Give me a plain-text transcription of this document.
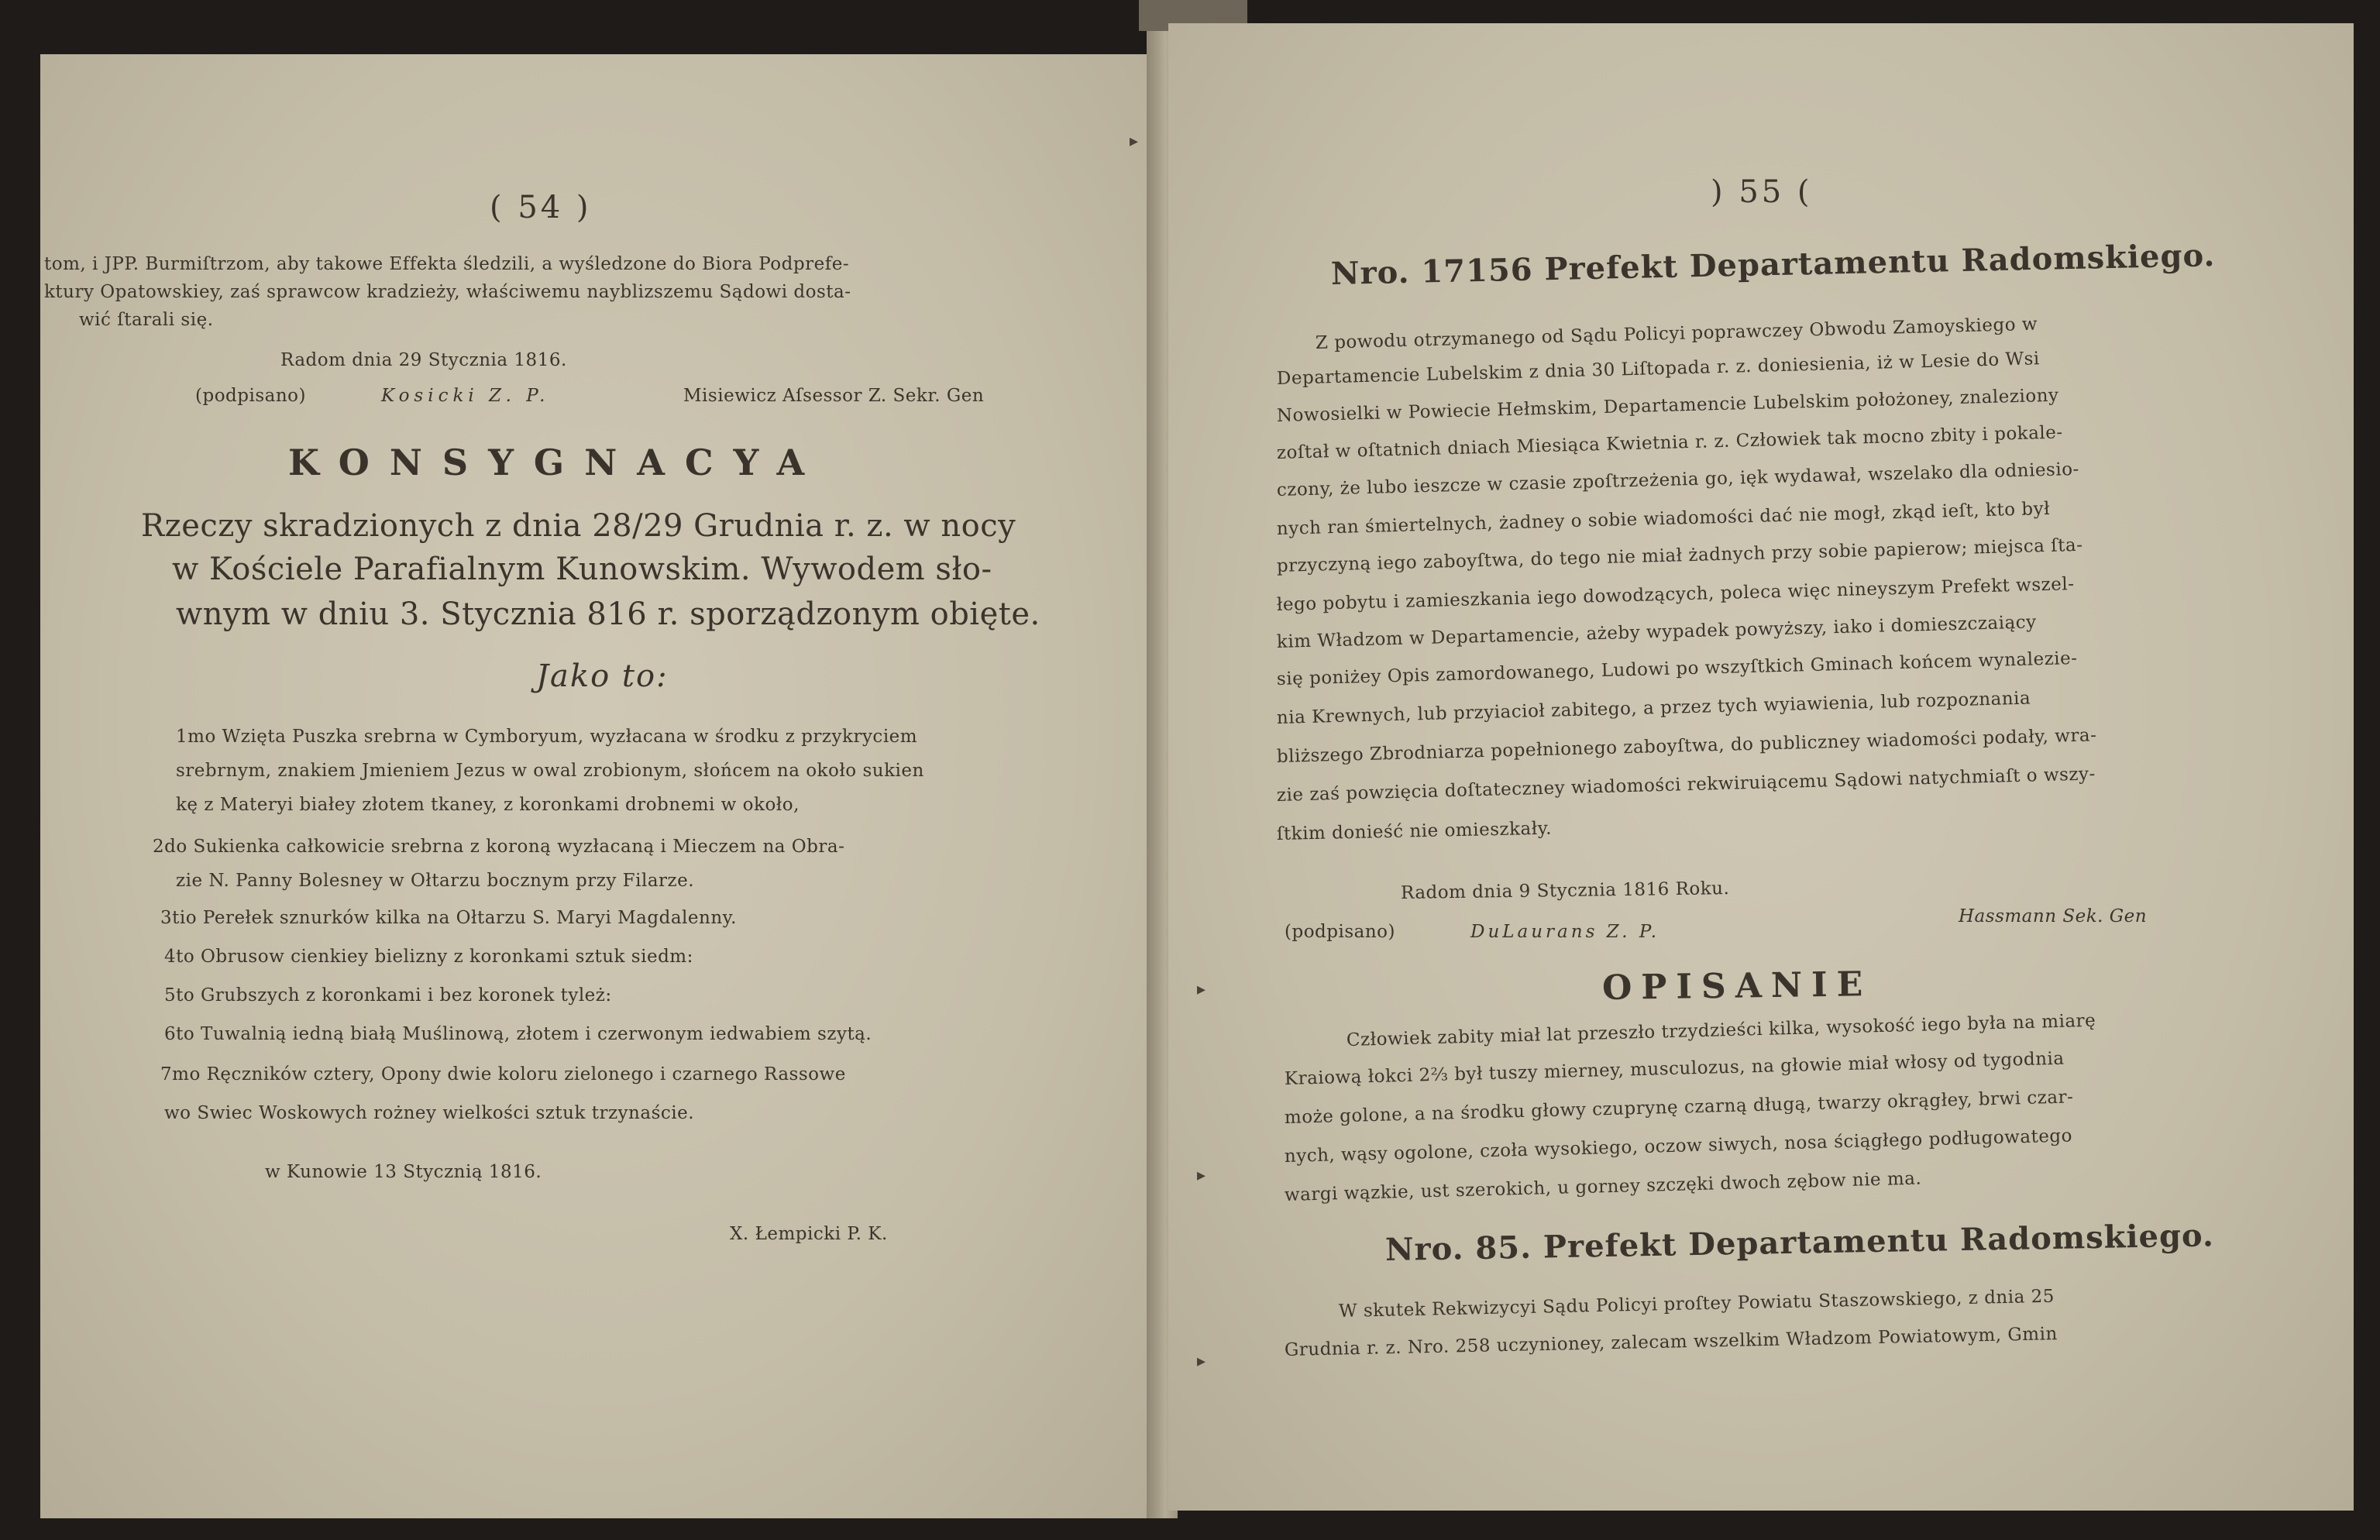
( 54 )
tom, i JPP. Burmiſtrzom, aby takowe Effekta śledzili, a wyśledzone do Biora Podprefe-
ktury Opatowskiey, zaś sprawcow kradzieży, właściwemu nayblizszemu Sądowi dosta-
wić ſtarali się.
Radom dnia 29 Stycznia 1816.
(podpisano)	Kosicki Z. P.	Misiewicz Aſsessor Z. Sekr. Gen
KONSYGNACYA
Rzeczy skradzionych z dnia 28/29 Grudnia r. z. w nocy
w Kościele Parafialnym Kunowskim. Wywodem sło-
wnym w dniu 3. Stycznia 816 r. sporządzonym obięte.
Jako to:
1mo Wzięta Puszka srebrna w Cymboryum, wyzłacana w środku z przykryciem
srebrnym, znakiem Jmieniem Jezus w owal zrobionym, słońcem na około sukien
kę z Materyi białey złotem tkaney, z koronkami drobnemi w około,
2do Sukienka całkowicie srebrna z koroną wyzłacaną i Mieczem na Obra-
zie N. Panny Bolesney w Ołtarzu bocznym przy Filarze.
3tio Perełek sznurków kilka na Ołtarzu S. Maryi Magdalenny.
4to Obrusow cienkiey bielizny z koronkami sztuk siedm:
5to Grubszych z koronkami i bez koronek tyleż:
6to Tuwalnią iedną białą Muślinową, złotem i czerwonym iedwabiem szytą.
7mo Ręczników cztery, Opony dwie koloru zielonego i czarnego Rassowe
wo Swiec Woskowych rożney wielkości sztuk trzynaście.
w Kunowie 13 Stycznią 1816.
X. Łempicki P. K.
) 55 (
Nro. 17156 Prefekt Departamentu Radomskiego.
Z powodu otrzymanego od Sądu Policyi poprawczey Obwodu Zamoyskiego w
Departamencie Lubelskim z dnia 30 Liſtopada r. z. doniesienia, iż w Lesie do Wsi
Nowosielki w Powiecie Hełmskim, Departamencie Lubelskim położoney, znaleziony
zoſtał w oſtatnich dniach Miesiąca Kwietnia r. z. Człowiek tak mocno zbity i pokale-
czony, że lubo ieszcze w czasie zpoſtrzeżenia go, ięk wydawał, wszelako dla odniesio-
nych ran śmiertelnych, żadney o sobie wiadomości dać nie mogł, zkąd ieſt, kto był
przyczyną iego zaboyſtwa, do tego nie miał żadnych przy sobie papierow; miejsca ſta-
łego pobytu i zamieszkania iego dowodzących, poleca więc nineyszym Prefekt wszel-
kim Władzom w Departamencie, ażeby wypadek powyższy, iako i domieszczaiący
się poniżey Opis zamordowanego, Ludowi po wszyſtkich Gminach końcem wynalezie-
nia Krewnych, lub przyiacioł zabitego, a przez tych wyiawienia, lub rozpoznania
bliższego Zbrodniarza popełnionego zaboyſtwa, do publiczney wiadomości podały, wra-
zie zaś powzięcia doſtateczney wiadomości rekwiruiącemu Sądowi natychmiaſt o wszy-
ſtkim donieść nie omieszkały.
Radom dnia 9 Stycznia 1816 Roku.
(podpisano)	DuLaurans Z. P.
Hassmann Sek. Gen
OPISANIE
Człowiek zabity miał lat przeszło trzydzieści kilka, wysokość iego była na miarę
Kraiową łokci 2⅔ był tuszy mierney, musculozus, na głowie miał włosy od tygodnia
może golone, a na środku głowy czuprynę czarną długą, twarzy okrągłey, brwi czar-
nych, wąsy ogolone, czoła wysokiego, oczow siwych, nosa ściągłego podługowatego
wargi wązkie, ust szerokich, u gorney szczęki dwoch zębow nie ma.
Nro. 85. Prefekt Departamentu Radomskiego.
W skutek Rekwizycyi Sądu Policyi proſtey Powiatu Staszowskiego, z dnia 25
Grudnia r. z. Nro. 258 uczynioney, zalecam wszelkim Władzom Powiatowym, Gmin
▸
▸
▸
▸
